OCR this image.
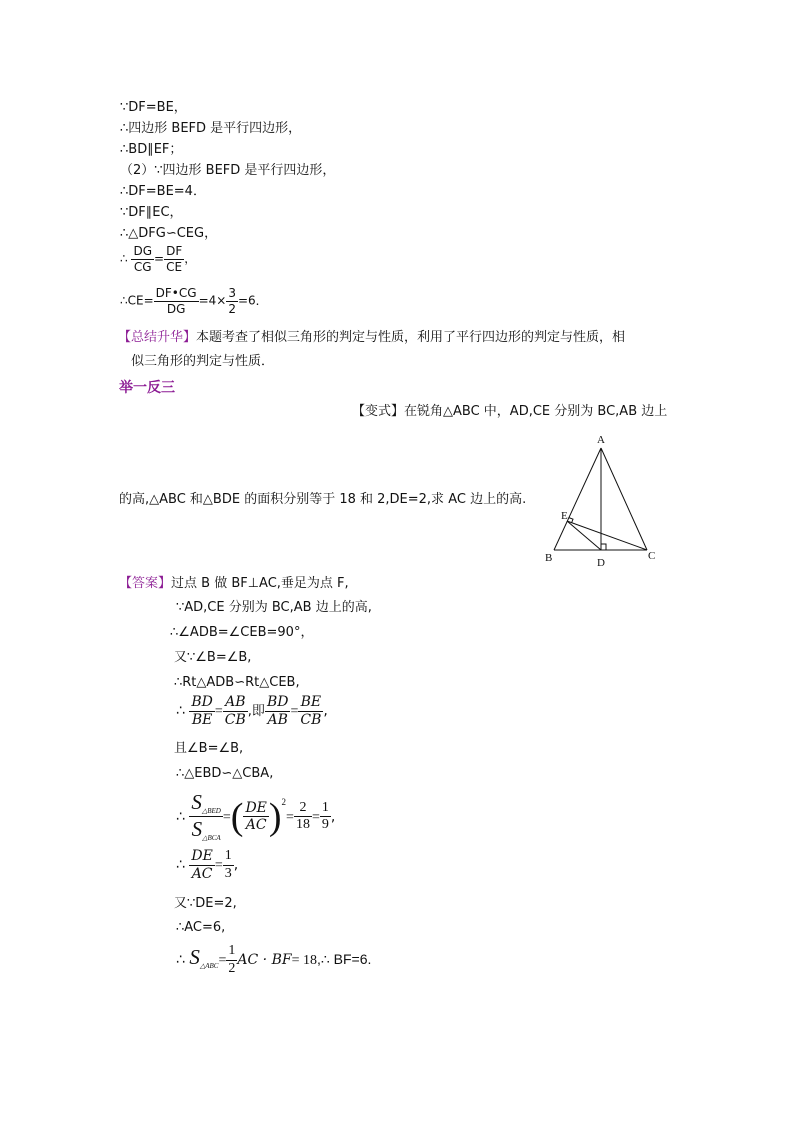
∵DF=BE，
∴四边形 BEFD 是平行四边形，
∴BD∥EF；
（2）∵四边形 BEFD 是平行四边形，
∴DF=BE=4．
∵DF∥EC，
∴△DFG∽CEG，
∴ $\frac{DG}{CG} = \frac{DF}{CE}$ ，
∴CE= $\frac{DF•CG}{DG} =4\times \frac{3}{2} =6$．
【总结升华】本题考查了相似三角形的判定与性质，利用了平行四边形的判定与性质，相
似三角形的判定与性质．
举一反三
【变式】在锐角△ABC 中，AD,CE 分别为 BC,AB 边上
的高,△ABC 和△BDE 的面积分别等于 18 和 2,DE=2,求 AC 边上的高.
A
E
B	D
C
【答案】过点 B 做 BF⊥AC,垂足为点 F,
∵AD,CE 分别为 BC,AB 边上的高,
∴∠ADB=∠CEB=90°，
又∵∠B=∠B,
∴Rt△ADB∽Rt△CEB,
∴ $\frac{BD}{BE} = \frac{AB}{CB}$ ,即 $\frac{BD}{AB} = \frac{BE}{CB}$ ,
且∠B=∠B,
∴△EBD∽△CBA,
∴ $\frac{S_{\triangle BED}}{S_{\triangle BCA}}$ =( $\frac{DE}{AC} )^2= \frac{2}{18} = \frac{1}{9}$ ,
∴ $\frac{DE}{AC} = \frac{1}{3}$ ,
又∵DE=2,
∴AC=6,
∴ $S_{\triangle ABC}= \frac{1}{2}$ AC · BF= 18,∴ BF=6.
